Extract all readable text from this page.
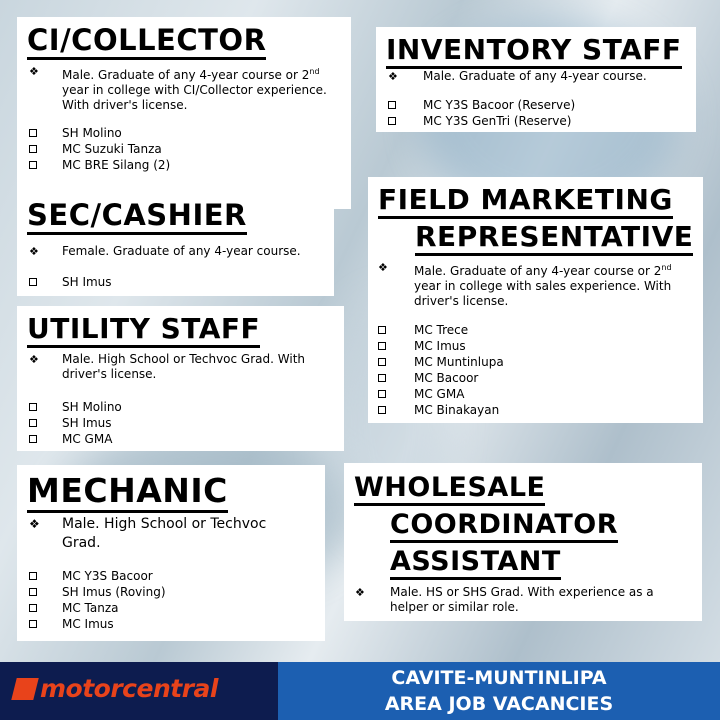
CI/COLLECTOR
❖ Male. Graduate of any 4-year course or 2nd
year in college with CI/Collector experience.
With driver's license.
SH Molino
MC Suzuki Tanza
MC BRE Silang (2)
INVENTORY STAFF
❖	Male. Graduate of any 4-year course.
MC Y3S Bacoor (Reserve)
MC Y3S GenTri (Reserve)
SEC/CASHIER
❖	Female. Graduate of any 4-year course.
SH Imus
FIELD MARKETING
REPRESENTATIVE
❖ Male. Graduate of any 4-year course or 2nd
year in college with sales experience. With
driver's license.
MC Trece
MC Imus
MC Muntinlupa
MC Bacoor
MC GMA
MC Binakayan
UTILITY STAFF
❖ Male. High School or Techvoc Grad. With
driver's license.
SH Molino
SH Imus
MC GMA
MECHANIC
❖ Male. High School or Techvoc
Grad.
MC Y3S Bacoor
SH Imus (Roving)
MC Tanza
MC Imus
WHOLESALE
COORDINATOR
ASSISTANT
❖ Male. HS or SHS Grad. With experience as a
helper or similar role.
motorcentral	CAVITE-MUNTINLIPA
AREA JOB VACANCIES
